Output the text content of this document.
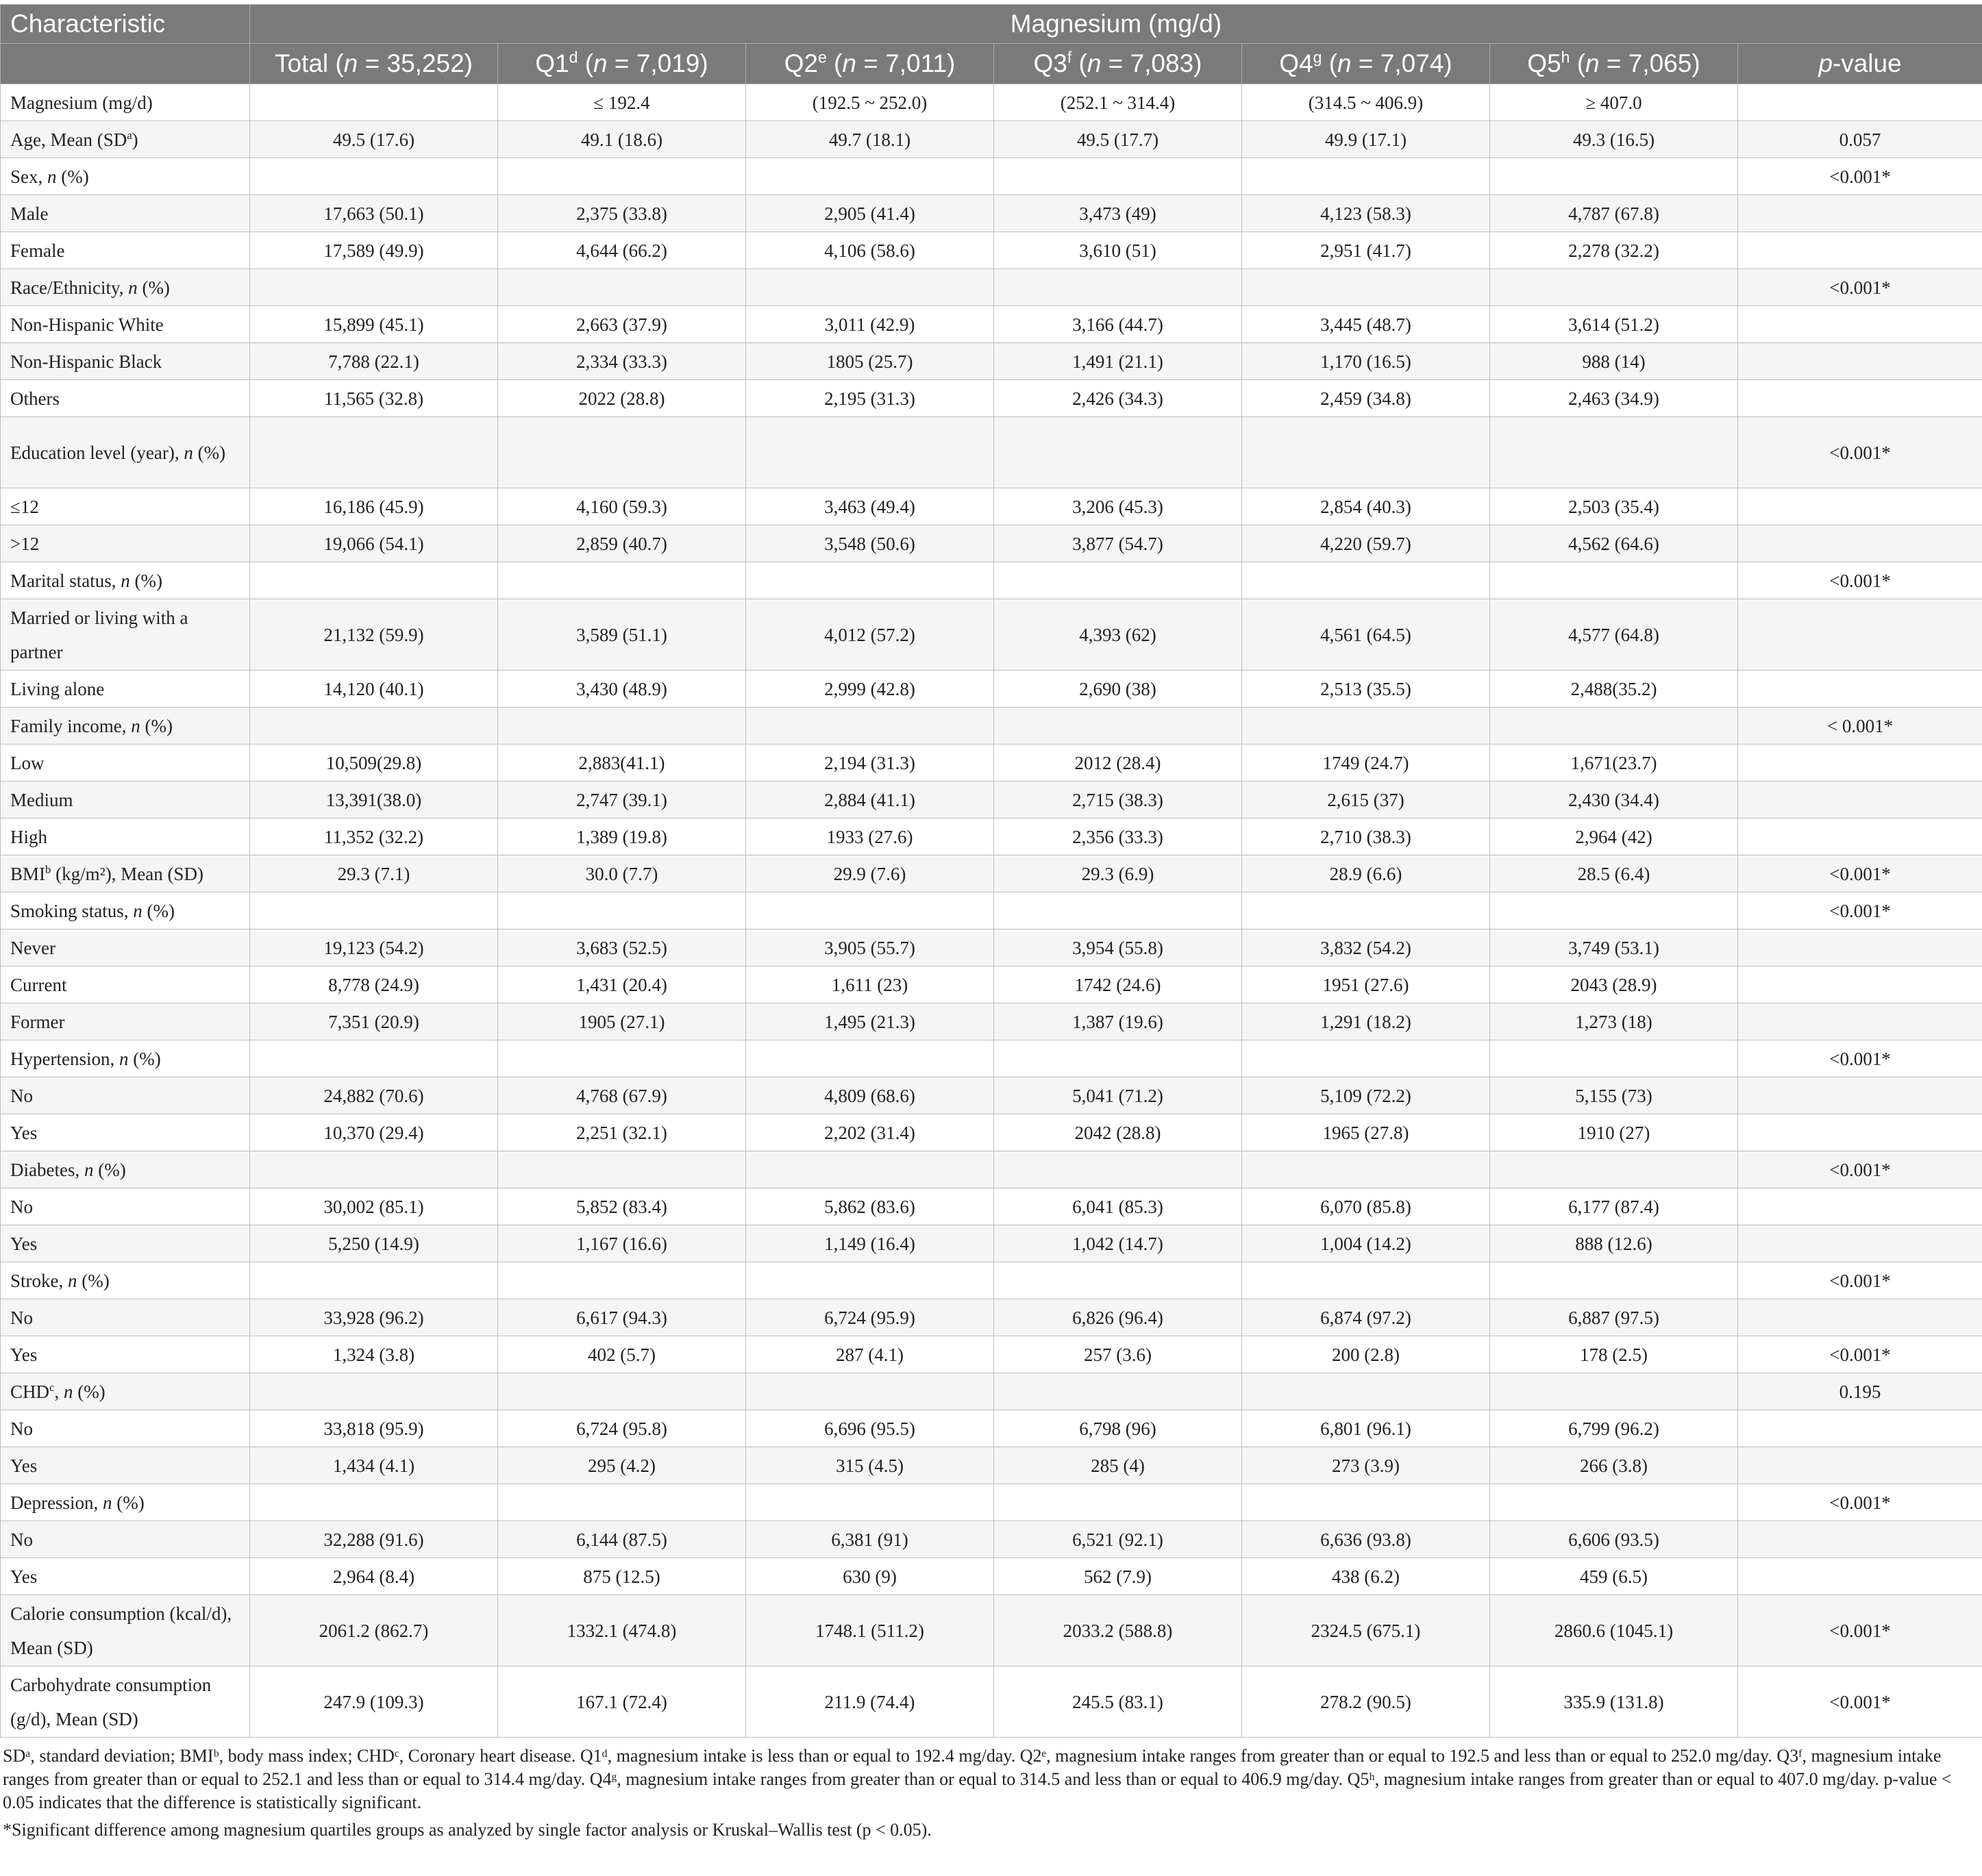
Characteristic	Magnesium (mg/d)						
	Total (n = 35,252)	Q1$^d$ (n = 7,019)	Q2e (n = 7,011)	Q3$^f$ (n = 7,083)	Q4$^g$ (n = 7,074)	Q5$^h$ (n = 7,065)	p-value
Magnesium (mg/d)		≤ 192.4	(192.5 ~ 252.0)	(252.1 ~ 314.4)	(314.5 ~ 406.9)	≥ 407.0	
Age, Mean $(SD^a)$	49.5 (17.6)	49.1 (18.6)	49.7 (18.1)	49.5 (17.7)	49.9 (17.1)	49.3 (16.5)	0.057
Sex, n (%)							<0.001*
Male	17,663 (50.1)	2,375 (33.8)	2,905 (41.4)	3,473 (49)	4,123 (58.3)	4,787 (67.8)	
Female	17,589 (49.9)	4,644 (66.2)	4,106 (58.6)	3,610 (51)	2,951 (41.7)	2,278 (32.2)	
Race/Ethnicity, n (%)							<0.001*
Non-Hispanic White	15,899 (45.1)	2,663 (37.9)	3,011 (42.9)	3,166 (44.7)	3,445 (48.7)	3,614 (51.2)	
Non-Hispanic Black	7,788 (22.1)	2,334 (33.3)	1805 (25.7)	1,491 (21.1)	1,170 (16.5)	988 (14)	
Others	11,565 (32.8)	2022 (28.8)	2,195 (31.3)	2,426 (34.3)	2,459 (34.8)	2,463 (34.9)	
Education level (year), n (%)							<0.001*
≤12	16,186 (45.9)	4,160 (59.3)	3,463 (49.4)	3,206 (45.3)	2,854 (40.3)	2,503 (35.4)	
>12	19,066 (54.1)	2,859 (40.7)	3,548 (50.6)	3,877 (54.7)	4,220 (59.7)	4,562 (64.6)	
Marital status, n (%)							<0.001*
Married or living with a partner	21,132 (59.9)	3,589 (51.1)	4,012 (57.2)	4,393 (62)	4,561 (64.5)	4,577 (64.8)	
Living alone	14,120 (40.1)	3,430 (48.9)	2,999 (42.8)	2,690 (38)	2,513 (35.5)	2,488(35.2)	
Family income, n (%)							< 0.001*
Low	10,509(29.8)	2,883(41.1)	2,194 (31.3)	2012 (28.4)	1749 (24.7)	1,671(23.7)	
Medium	13,391(38.0)	2,747 (39.1)	2,884 (41.1)	2,715 (38.3)	2,615 (37)	2,430 (34.4)	
High	11,352 (32.2)	1,389 (19.8)	1933 (27.6)	2,356 (33.3)	2,710 (38.3)	2,964 (42)	
BMI$^b$ (kg/m²), Mean (SD)	29.3 (7.1)	30.0 (7.7)	29.9 (7.6)	29.3 (6.9)	28.9 (6.6)	28.5 (6.4)	<0.001*
Smoking status, n (%)							<0.001*
Never	19,123 (54.2)	3,683 (52.5)	3,905 (55.7)	3,954 (55.8)	3,832 (54.2)	3,749 (53.1)	
Current	8,778 (24.9)	1,431 (20.4)	1,611 (23)	1742 (24.6)	1951 (27.6)	2043 (28.9)	
Former	7,351 (20.9)	1905 (27.1)	1,495 (21.3)	1,387 (19.6)	1,291 (18.2)	1,273 (18)	
Hypertension, n (%)							<0.001*
No	24,882 (70.6)	4,768 (67.9)	4,809 (68.6)	5,041 (71.2)	5,109 (72.2)	5,155 (73)	
Yes	10,370 (29.4)	2,251 (32.1)	2,202 (31.4)	2042 (28.8)	1965 (27.8)	1910 (27)	
Diabetes, n (%)							<0.001*
No	30,002 (85.1)	5,852 (83.4)	5,862 (83.6)	6,041 (85.3)	6,070 (85.8)	6,177 (87.4)	
Yes	5,250 (14.9)	1,167 (16.6)	1,149 (16.4)	1,042 (14.7)	1,004 (14.2)	888 (12.6)	
Stroke, n (%)							<0.001*
No	33,928 (96.2)	6,617 (94.3)	6,724 (95.9)	6,826 (96.4)	6,874 (97.2)	6,887 (97.5)	
Yes	1,324 (3.8)	402 (5.7)	287 (4.1)	257 (3.6)	200 (2.8)	178 (2.5)	<0.001*
CHD$^c$, n (%)							0.195
No	33,818 (95.9)	6,724 (95.8)	6,696 (95.5)	6,798 (96)	6,801 (96.1)	6,799 (96.2)	
Yes	1,434 (4.1)	295 (4.2)	315 (4.5)	285 (4)	273 (3.9)	266 (3.8)	
Depression, n (%)							<0.001*
No	32,288 (91.6)	6,144 (87.5)	6,381 (91)	6,521 (92.1)	6,636 (93.8)	6,606 (93.5)	
Yes	2,964 (8.4)	875 (12.5)	630 (9)	562 (7.9)	438 (6.2)	459 (6.5)	
Calorie consumption (kcal/d), Mean (SD)	2061.2 (862.7)	1332.1 (474.8)	1748.1 (511.2)	2033.2 (588.8)	2324.5 (675.1)	2860.6 (1045.1)	<0.001*
Carbohydrate consumption (g/d), Mean (SD)	247.9 (109.3)	167.1 (72.4)	211.9 (74.4)	245.5 (83.1)	278.2 (90.5)	335.9 (131.8)	<0.001*

SDᵃ, standard deviation; BMIᵇ, body mass index; CHDᶜ, Coronary heart disease. Q1ᵈ, magnesium intake is less than or equal to 192.4 mg/day. Q2ᵉ, magnesium intake ranges from greater than or equal to 192.5 and less than or equal to 252.0 mg/day. Q3ᶠ, magnesium intake ranges from greater than or equal to 252.1 and less than or equal to 314.4 mg/day. Q4ᵍ, magnesium intake ranges from greater than or equal to 314.5 and less than or equal to 406.9 mg/day. Q5ʰ, magnesium intake ranges from greater than or equal to 407.0 mg/day. p-value < 0.05 indicates that the difference is statistically significant.

*Significant difference among magnesium quartiles groups as analyzed by single factor analysis or Kruskal–Wallis test (p < 0.05).
